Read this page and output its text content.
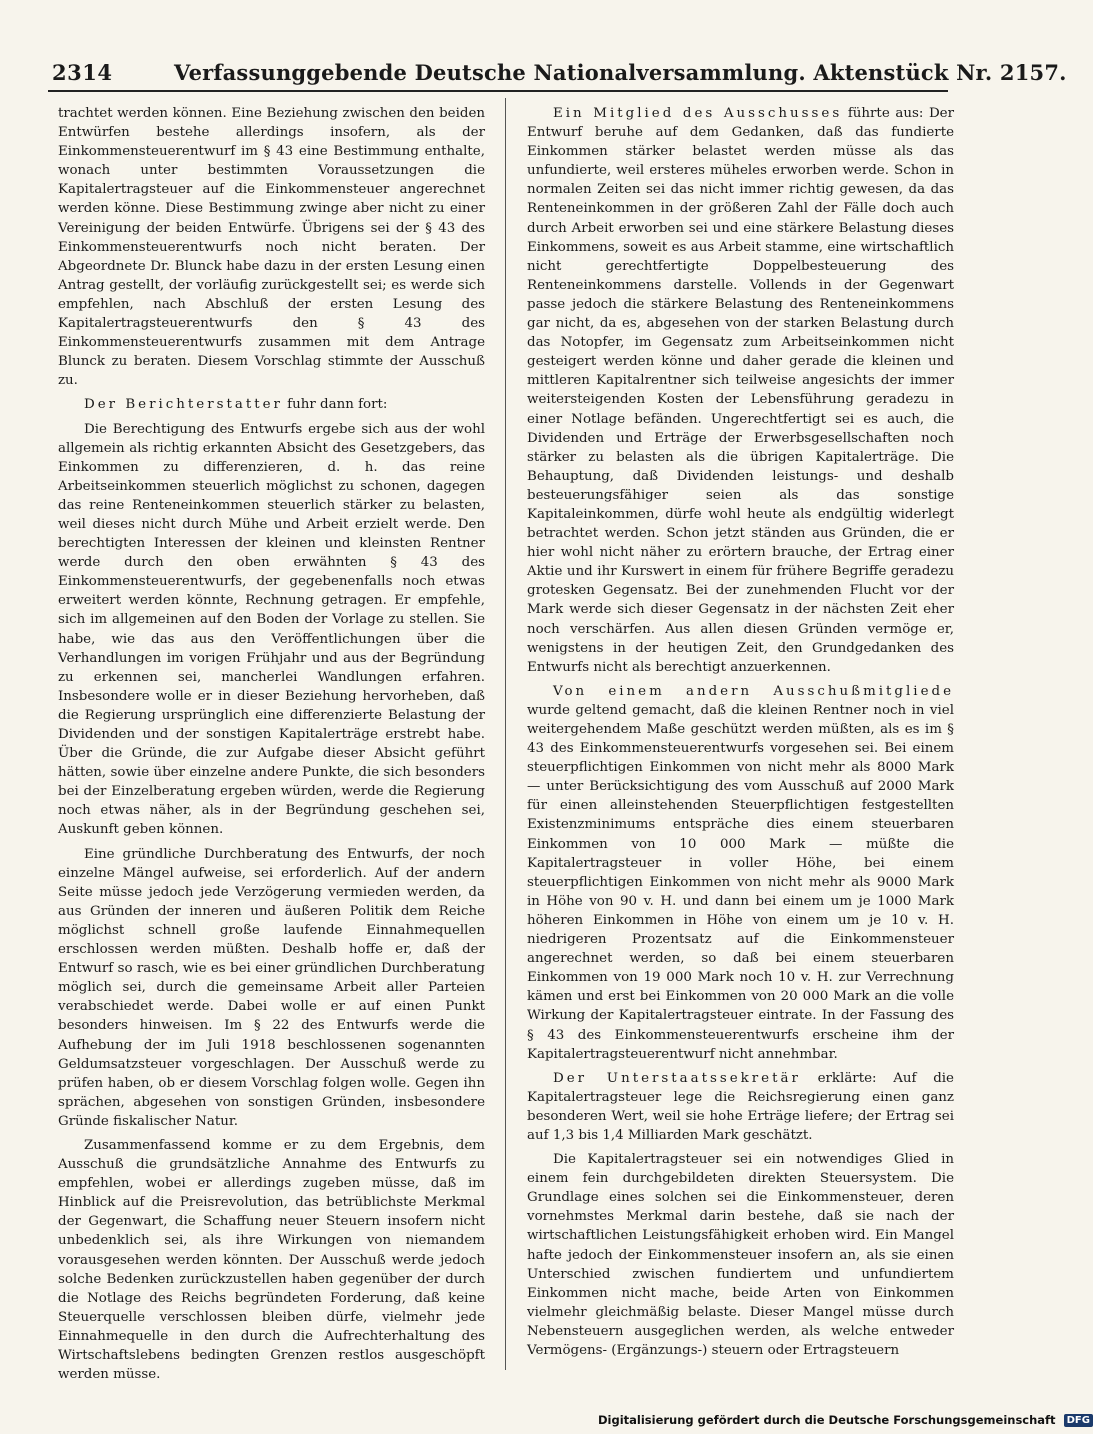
2314	Verfassunggebende Deutsche Nationalversammlung. Aktenstück Nr. 2157.

trachtet werden können. Eine Beziehung zwischen den beiden Entwürfen bestehe allerdings insofern, als der Einkommensteuerentwurf im § 43 eine Bestimmung enthalte, wonach unter bestimmten Voraussetzungen die Kapitalertragsteuer auf die Einkommensteuer angerechnet werden könne. Diese Bestimmung zwinge aber nicht zu einer Vereinigung der beiden Entwürfe. Übrigens sei der § 43 des Einkommensteuerentwurfs noch nicht beraten. Der Abgeordnete Dr. Blunck habe dazu in der ersten Lesung einen Antrag gestellt, der vorläufig zurückgestellt sei; es werde sich empfehlen, nach Abschluß der ersten Lesung des Kapitalertragsteuerentwurfs den § 43 des Einkommensteuerentwurfs zusammen mit dem Antrage Blunck zu beraten. Diesem Vorschlag stimmte der Ausschuß zu.

Der Berichterstatter fuhr dann fort:

Die Berechtigung des Entwurfs ergebe sich aus der wohl allgemein als richtig erkannten Absicht des Gesetzgebers, das Einkommen zu differenzieren, d. h. das reine Arbeitseinkommen steuerlich möglichst zu schonen, dagegen das reine Renteneinkommen steuerlich stärker zu belasten, weil dieses nicht durch Mühe und Arbeit erzielt werde. Den berechtigten Interessen der kleinen und kleinsten Rentner werde durch den oben erwähnten § 43 des Einkommensteuerentwurfs, der gegebenenfalls noch etwas erweitert werden könnte, Rechnung getragen. Er empfehle, sich im allgemeinen auf den Boden der Vorlage zu stellen. Sie habe, wie das aus den Veröffentlichungen über die Verhandlungen im vorigen Frühjahr und aus der Begründung zu erkennen sei, mancherlei Wandlungen erfahren. Insbesondere wolle er in dieser Beziehung hervorheben, daß die Regierung ursprünglich eine differenzierte Belastung der Dividenden und der sonstigen Kapitalerträge erstrebt habe. Über die Gründe, die zur Aufgabe dieser Absicht geführt hätten, sowie über einzelne andere Punkte, die sich besonders bei der Einzelberatung ergeben würden, werde die Regierung noch etwas näher, als in der Begründung geschehen sei, Auskunft geben können.

Eine gründliche Durchberatung des Entwurfs, der noch einzelne Mängel aufweise, sei erforderlich. Auf der andern Seite müsse jedoch jede Verzögerung vermieden werden, da aus Gründen der inneren und äußeren Politik dem Reiche möglichst schnell große laufende Einnahmequellen erschlossen werden müßten. Deshalb hoffe er, daß der Entwurf so rasch, wie es bei einer gründlichen Durchberatung möglich sei, durch die gemeinsame Arbeit aller Parteien verabschiedet werde. Dabei wolle er auf einen Punkt besonders hinweisen. Im § 22 des Entwurfs werde die Aufhebung der im Juli 1918 beschlossenen sogenannten Geldumsatzsteuer vorgeschlagen. Der Ausschuß werde zu prüfen haben, ob er diesem Vorschlag folgen wolle. Gegen ihn sprächen, abgesehen von sonstigen Gründen, insbesondere Gründe fiskalischer Natur.

Zusammenfassend komme er zu dem Ergebnis, dem Ausschuß die grundsätzliche Annahme des Entwurfs zu empfehlen, wobei er allerdings zugeben müsse, daß im Hinblick auf die Preisrevolution, das betrüblichste Merkmal der Gegenwart, die Schaffung neuer Steuern insofern nicht unbedenklich sei, als ihre Wirkungen von niemandem vorausgesehen werden könnten. Der Ausschuß werde jedoch solche Bedenken zurückzustellen haben gegenüber der durch die Notlage des Reichs begründeten Forderung, daß keine Steuerquelle verschlossen bleiben dürfe, vielmehr jede Einnahmequelle in den durch die Aufrechterhaltung des Wirtschaftslebens bedingten Grenzen restlos ausgeschöpft werden müsse.

Ein Mitglied des Ausschusses führte aus: Der Entwurf beruhe auf dem Gedanken, daß das fundierte Einkommen stärker belastet werden müsse als das unfundierte, weil ersteres müheles erworben werde. Schon in normalen Zeiten sei das nicht immer richtig gewesen, da das Renteneinkommen in der größeren Zahl der Fälle doch auch durch Arbeit erworben sei und eine stärkere Belastung dieses Einkommens, soweit es aus Arbeit stamme, eine wirtschaftlich nicht gerechtfertigte Doppelbesteuerung des Renteneinkommens darstelle. Vollends in der Gegenwart passe jedoch die stärkere Belastung des Renteneinkommens gar nicht, da es, abgesehen von der starken Belastung durch das Notopfer, im Gegensatz zum Arbeitseinkommen nicht gesteigert werden könne und daher gerade die kleinen und mittleren Kapitalrentner sich teilweise angesichts der immer weitersteigenden Kosten der Lebensführung geradezu in einer Notlage befänden. Ungerechtfertigt sei es auch, die Dividenden und Erträge der Erwerbsgesellschaften noch stärker zu belasten als die übrigen Kapitalerträge. Die Behauptung, daß Dividenden leistungs- und deshalb besteuerungsfähiger seien als das sonstige Kapitaleinkommen, dürfe wohl heute als endgültig widerlegt betrachtet werden. Schon jetzt ständen aus Gründen, die er hier wohl nicht näher zu erörtern brauche, der Ertrag einer Aktie und ihr Kurswert in einem für frühere Begriffe geradezu grotesken Gegensatz. Bei der zunehmenden Flucht vor der Mark werde sich dieser Gegensatz in der nächsten Zeit eher noch verschärfen. Aus allen diesen Gründen vermöge er, wenigstens in der heutigen Zeit, den Grundgedanken des Entwurfs nicht als berechtigt anzuerkennen.

Von einem andern Ausschußmitgliede wurde geltend gemacht, daß die kleinen Rentner noch in viel weitergehendem Maße geschützt werden müßten, als es im § 43 des Einkommensteuerentwurfs vorgesehen sei. Bei einem steuerpflichtigen Einkommen von nicht mehr als 8000 Mark — unter Berücksichtigung des vom Ausschuß auf 2000 Mark für einen alleinstehenden Steuerpflichtigen festgestellten Existenzminimums entspräche dies einem steuerbaren Einkommen von 10 000 Mark — müßte die Kapitalertragsteuer in voller Höhe, bei einem steuerpflichtigen Einkommen von nicht mehr als 9000 Mark in Höhe von 90 v. H. und dann bei einem um je 1000 Mark höheren Einkommen in Höhe von einem um je 10 v. H. niedrigeren Prozentsatz auf die Einkommensteuer angerechnet werden, so daß bei einem steuerbaren Einkommen von 19 000 Mark noch 10 v. H. zur Verrechnung kämen und erst bei Einkommen von 20 000 Mark an die volle Wirkung der Kapitalertragsteuer eintrate. In der Fassung des § 43 des Einkommensteuerentwurfs erscheine ihm der Kapitalertragsteuerentwurf nicht annehmbar.

Der Unterstaatssekretär erklärte: Auf die Kapitalertragsteuer lege die Reichsregierung einen ganz besonderen Wert, weil sie hohe Erträge liefere; der Ertrag sei auf 1,3 bis 1,4 Milliarden Mark geschätzt.

Die Kapitalertragsteuer sei ein notwendiges Glied in einem fein durchgebildeten direkten Steuersystem. Die Grundlage eines solchen sei die Einkommensteuer, deren vornehmstes Merkmal darin bestehe, daß sie nach der wirtschaftlichen Leistungsfähigkeit erhoben wird. Ein Mangel hafte jedoch der Einkommensteuer insofern an, als sie einen Unterschied zwischen fundiertem und unfundiertem Einkommen nicht mache, beide Arten von Einkommen vielmehr gleichmäßig belaste. Dieser Mangel müsse durch Nebensteuern ausgeglichen werden, als welche entweder Vermögens- (Ergänzungs-) steuern oder Ertragsteuern

Digitalisierung gefördert durch die Deutsche Forschungsgemeinschaft DFG
